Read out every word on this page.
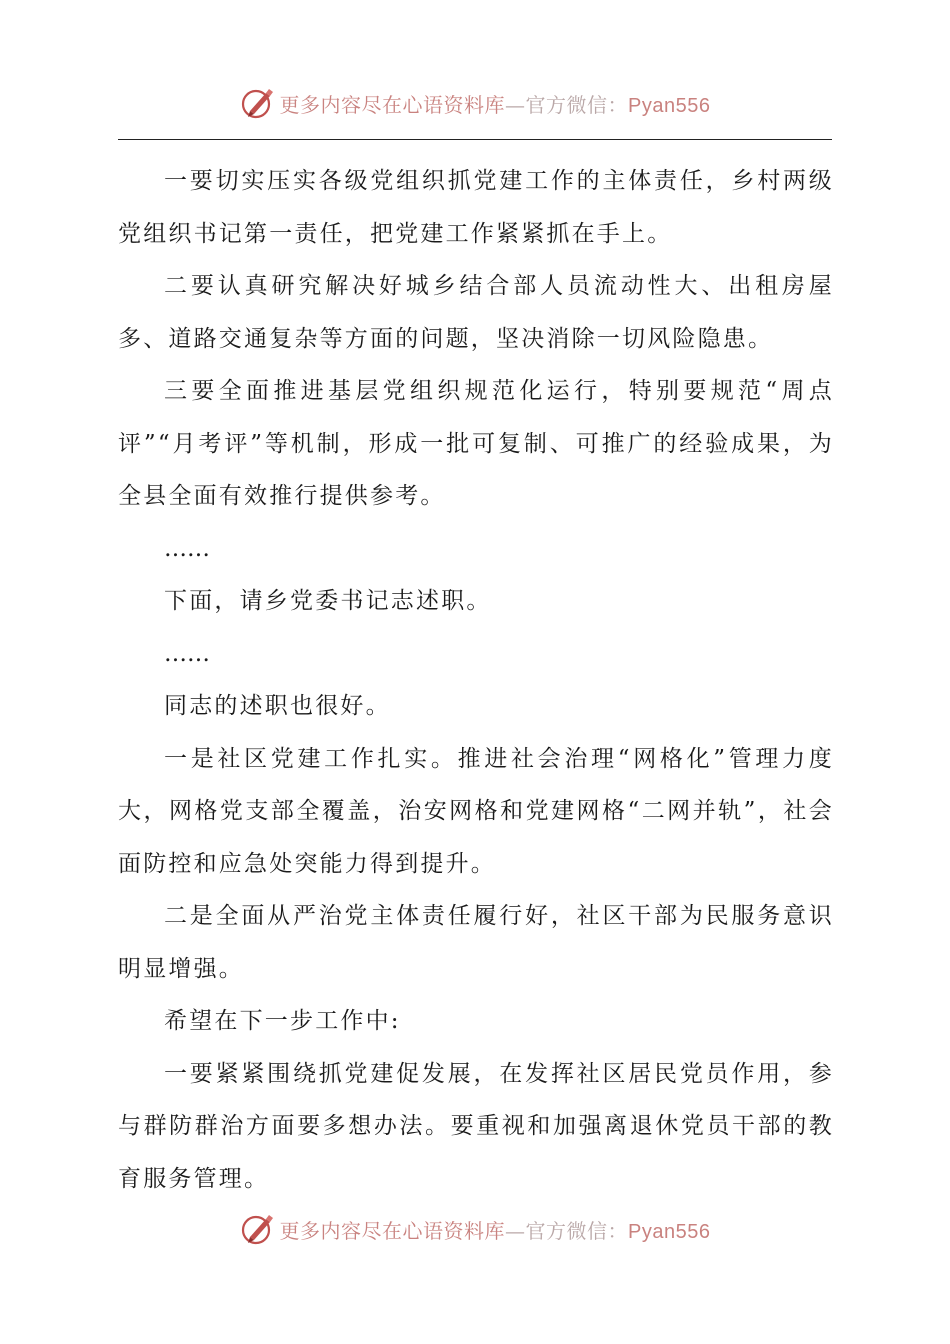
更多内容尽在心语资料库—官方微信：Pyan556

一要切实压实各级党组织抓党建工作的主体责任，乡村两级党组织书记第一责任，把党建工作紧紧抓在手上。

二要认真研究解决好城乡结合部人员流动性大、出租房屋多、道路交通复杂等方面的问题，坚决消除一切风险隐患。

三要全面推进基层党组织规范化运行，特别要规范“周点评”“月考评”等机制，形成一批可复制、可推广的经验成果，为全县全面有效推行提供参考。

……

下面，请乡党委书记志述职。

……

同志的述职也很好。

一是社区党建工作扎实。推进社会治理“网格化”管理力度大，网格党支部全覆盖，治安网格和党建网格“二网并轨”，社会面防控和应急处突能力得到提升。

二是全面从严治党主体责任履行好，社区干部为民服务意识明显增强。

希望在下一步工作中:

一要紧紧围绕抓党建促发展，在发挥社区居民党员作用，参与群防群治方面要多想办法。要重视和加强离退休党员干部的教育服务管理。

更多内容尽在心语资料库—官方微信：Pyan556
